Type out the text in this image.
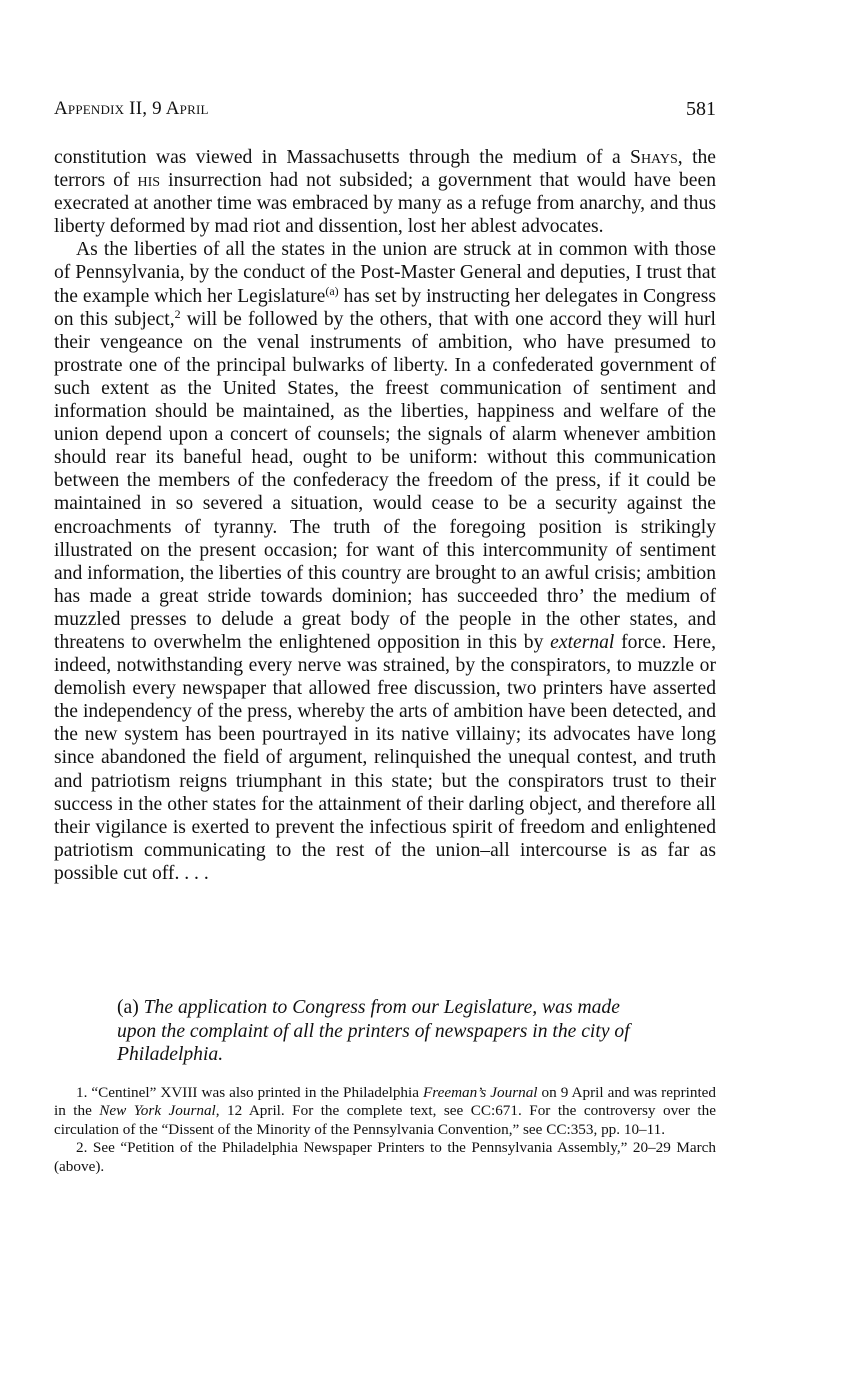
Appendix II, 9 April	581

constitution was viewed in Massachusetts through the medium of a Shays, the terrors of his insurrection had not subsided; a government that would have been execrated at another time was embraced by many as a refuge from anarchy, and thus liberty deformed by mad riot and dissention, lost her ablest advocates.

As the liberties of all the states in the union are struck at in common with those of Pennsylvania, by the conduct of the Post-Master General and deputies, I trust that the example which her Legislature$^{(a)}$ has set by instructing her delegates in Congress on this subject,$^2$ will be followed by the others, that with one accord they will hurl their vengeance on the venal instruments of ambition, who have presumed to prostrate one of the principal bulwarks of liberty. In a confederated government of such extent as the United States, the freest communication of sentiment and information should be maintained, as the liberties, happiness and welfare of the union depend upon a concert of counsels; the signals of alarm whenever ambition should rear its baneful head, ought to be uniform: without this communication between the members of the confederacy the freedom of the press, if it could be maintained in so severed a situation, would cease to be a security against the encroachments of tyranny. The truth of the foregoing position is strikingly illustrated on the present occasion; for want of this intercommunity of sentiment and information, the liberties of this country are brought to an awful crisis; ambition has made a great stride towards dominion; has succeeded thro’ the medium of muzzled presses to delude a great body of the people in the other states, and threatens to overwhelm the enlightened opposition in this by external force. Here, indeed, notwithstanding every nerve was strained, by the conspirators, to muzzle or demolish every newspaper that allowed free discussion, two printers have asserted the independency of the press, whereby the arts of ambition have been detected, and the new system has been pourtrayed in its native villainy; its advocates have long since abandoned the field of argument, relinquished the unequal contest, and truth and patriotism reigns triumphant in this state; but the conspirators trust to their success in the other states for the attainment of their darling object, and therefore all their vigilance is exerted to prevent the infectious spirit of freedom and enlightened patriotism communicating to the rest of the union–all intercourse is as far as possible cut off. . . .

(a) The application to Congress from our Legislature, was made upon the complaint of all the printers of newspapers in the city of Philadelphia.

1. “Centinel” XVIII was also printed in the Philadelphia Freeman’s Journal on 9 April and was reprinted in the New York Journal, 12 April. For the complete text, see CC:671. For the controversy over the circulation of the “Dissent of the Minority of the Pennsylvania Convention,” see CC:353, pp. 10–11.

2. See “Petition of the Philadelphia Newspaper Printers to the Pennsylvania Assembly,” 20–29 March (above).
